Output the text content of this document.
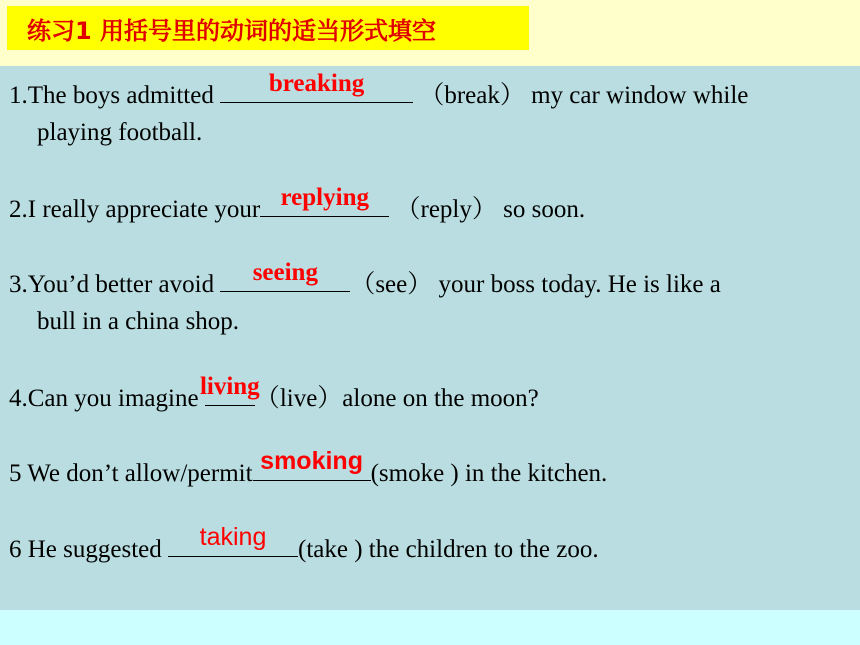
练习1 用括号里的动词的适当形式填空
1.The boys admitted breaking （break） my car window while
playing football.
2.I really appreciate your replying （reply） so soon.
3.You’d better avoid seeing （see） your boss today. He is like a
bull in a china shop.
4.Can you imagine
living
（live）alone on the moon?
5 We don’t allow/permit smoking (smoke ) in the kitchen.
6 He suggested taking (take ) the children to the zoo.
